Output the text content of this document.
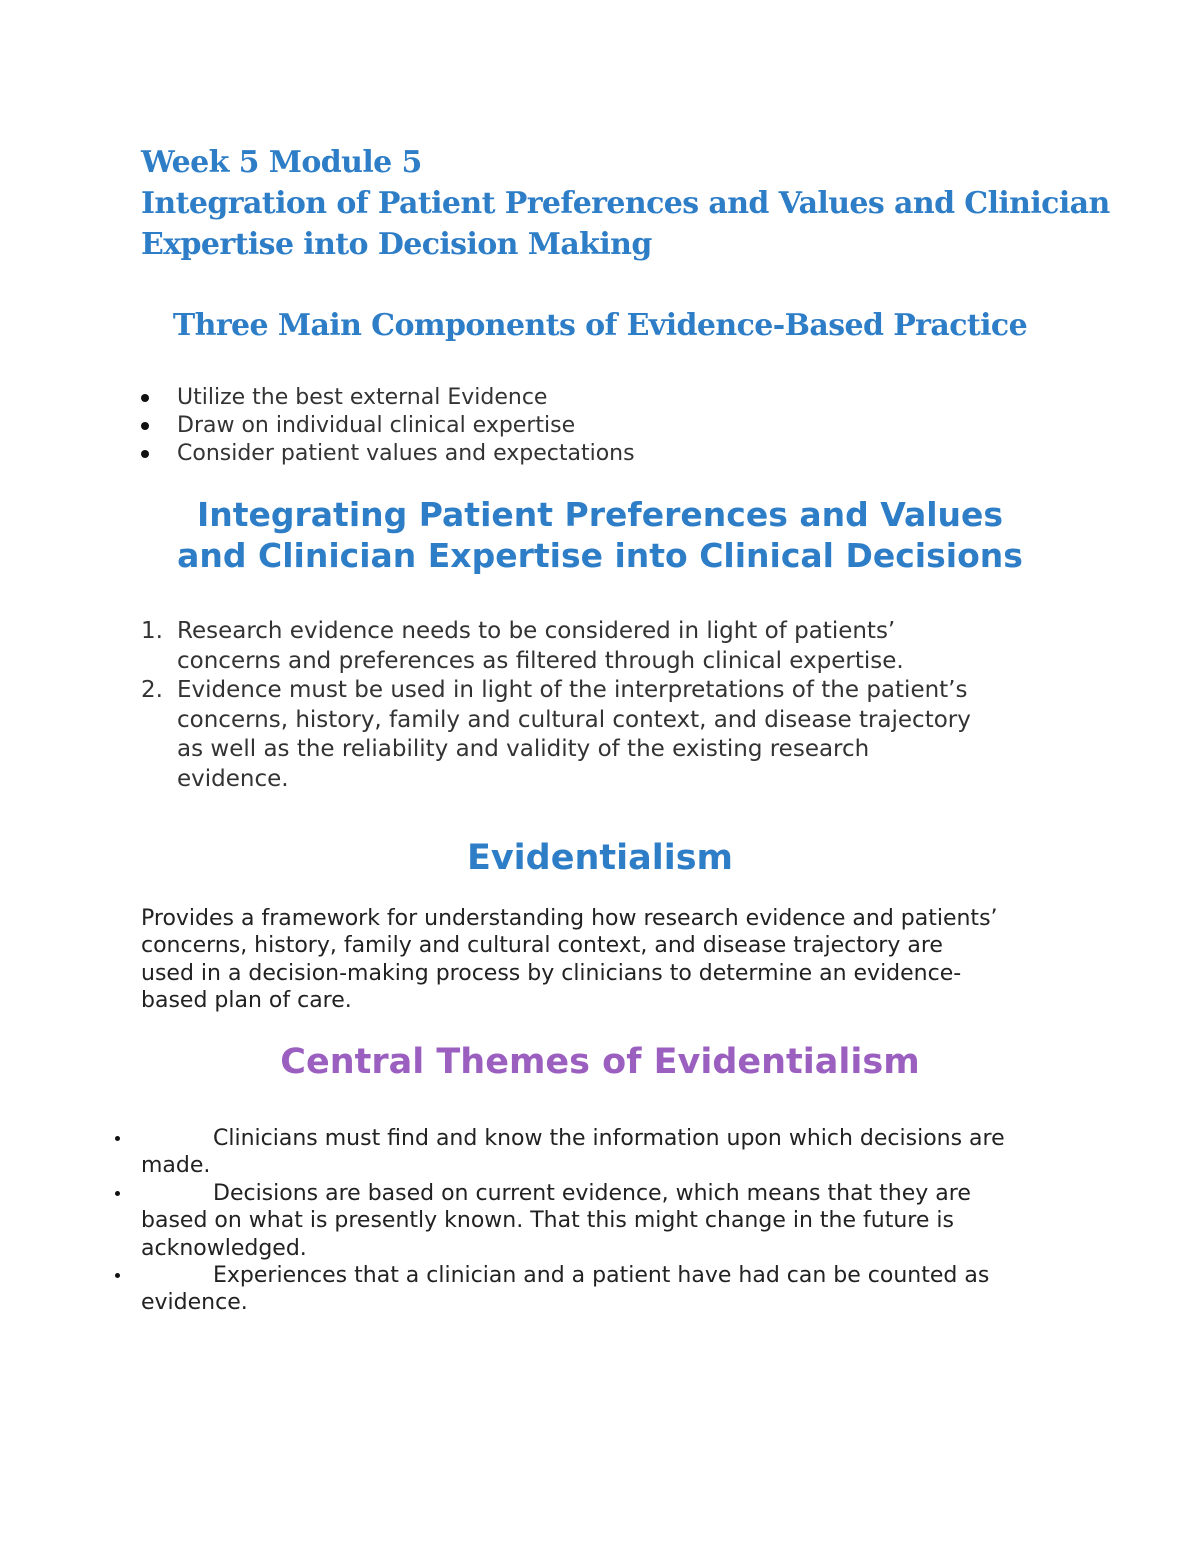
Week 5 Module 5
Integration of Patient Preferences and Values and Clinician
Expertise into Decision Making
Three Main Components of Evidence-Based Practice
Utilize the best external Evidence
Draw on individual clinical expertise
Consider patient values and expectations
Integrating Patient Preferences and Values
and Clinician Expertise into Clinical Decisions
1. Research evidence needs to be considered in light of patients’
concerns and preferences as filtered through clinical expertise.
2. Evidence must be used in light of the interpretations of the patient’s
concerns, history, family and cultural context, and disease trajectory
as well as the reliability and validity of the existing research
evidence.
Evidentialism
Provides a framework for understanding how research evidence and patients’
concerns, history, family and cultural context, and disease trajectory are
used in a decision-making process by clinicians to determine an evidence-
based plan of care.
Central Themes of Evidentialism
Clinicians must find and know the information upon which decisions are
made.
Decisions are based on current evidence, which means that they are
based on what is presently known. That this might change in the future is
acknowledged.
Experiences that a clinician and a patient have had can be counted as
evidence.
